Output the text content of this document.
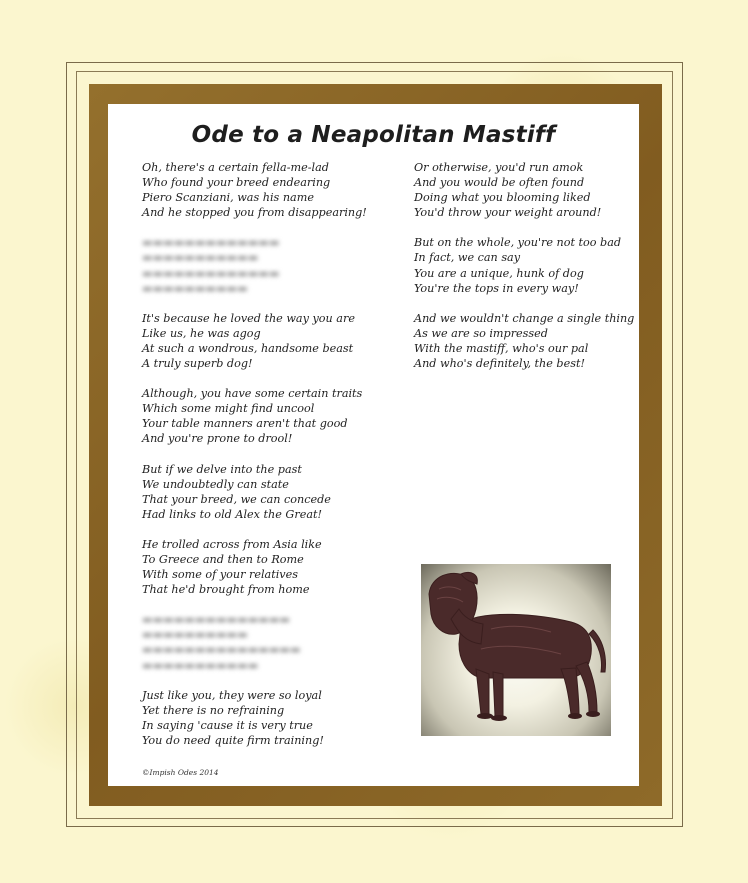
Ode to a Neapolitan Mastiff
Oh, there's a certain fella-me-lad
Who found your breed endearing
Piero Scanziani, was his name
And he stopped you from disappearing!
▬▬▬▬▬▬▬▬▬▬▬▬▬
▬▬▬▬▬▬▬▬▬▬▬
▬▬▬▬▬▬▬▬▬▬▬▬▬
▬▬▬▬▬▬▬▬▬▬
It's because he loved the way you are
Like us, he was agog
At such a wondrous, handsome beast
A truly superb dog!
Although, you have some certain traits
Which some might find uncool
Your table manners aren't that good
And you're prone to drool!
But if we delve into the past
We undoubtedly can state
That your breed, we can concede
Had links to old Alex the Great!
He trolled across from Asia like
To Greece and then to Rome
With some of your relatives
That he'd brought from home
▬▬▬▬▬▬▬▬▬▬▬▬▬▬
▬▬▬▬▬▬▬▬▬▬
▬▬▬▬▬▬▬▬▬▬▬▬▬▬▬
▬▬▬▬▬▬▬▬▬▬▬
Just like you, they were so loyal
Yet there is no refraining
In saying 'cause it is very true
You do need quite firm training!
Or otherwise, you'd run amok
And you would be often found
Doing what you blooming liked
You'd throw your weight around!
But on the whole, you're not too bad
In fact, we can say
You are a unique, hunk of dog
You're the tops in every way!
And we wouldn't change a single thing
As we are so impressed
With the mastiff, who's our pal
And who's definitely, the best!
©Impish Odes 2014
